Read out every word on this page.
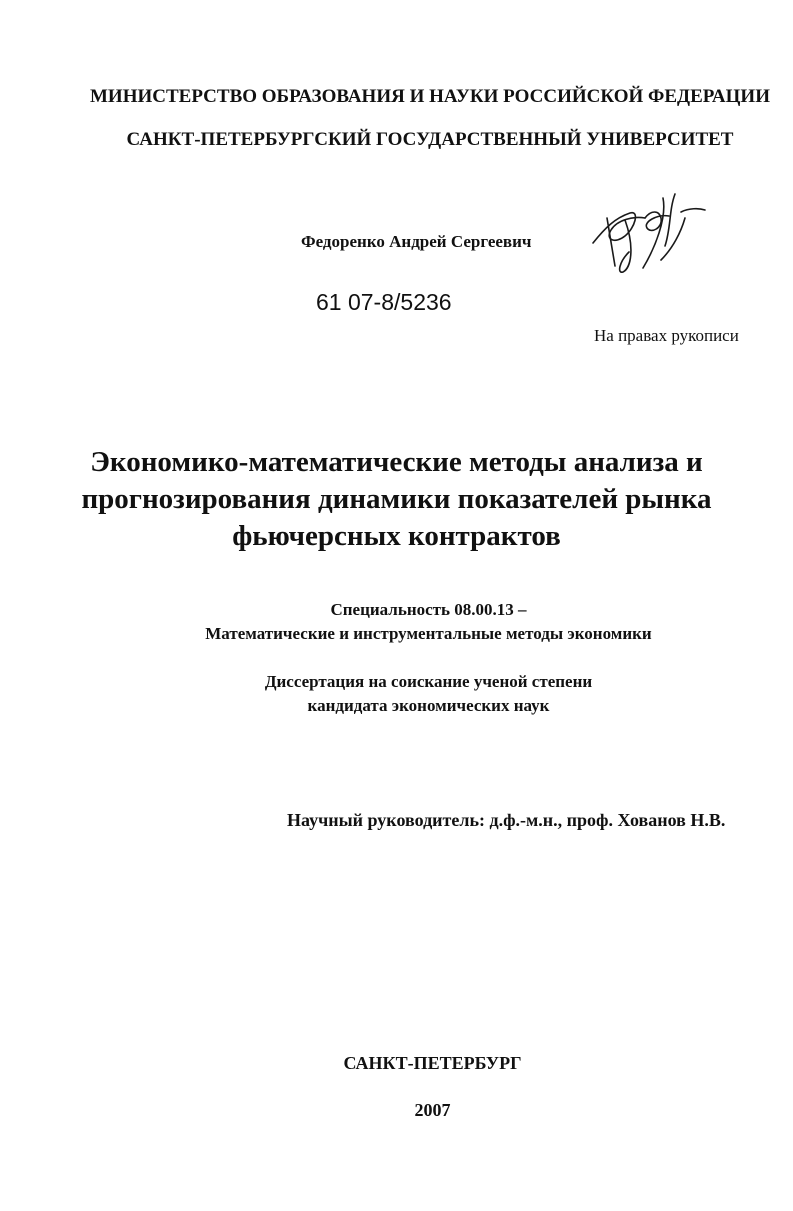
МИНИСТЕРСТВО ОБРАЗОВАНИЯ И НАУКИ РОССИЙСКОЙ ФЕДЕРАЦИИ
САНКТ-ПЕТЕРБУРГСКИЙ ГОСУДАРСТВЕННЫЙ УНИВЕРСИТЕТ
Федоренко Андрей Сергеевич
61 07-8/5236
На правах рукописи
Экономико-математические методы анализа и прогнозирования динамики показателей рынка фьючерсных контрактов
Специальность 08.00.13 –
Математические и инструментальные методы экономики
Диссертация на соискание ученой степени
кандидата экономических наук
Научный руководитель: д.ф.-м.н., проф. Хованов Н.В.
САНКТ-ПЕТЕРБУРГ
2007
